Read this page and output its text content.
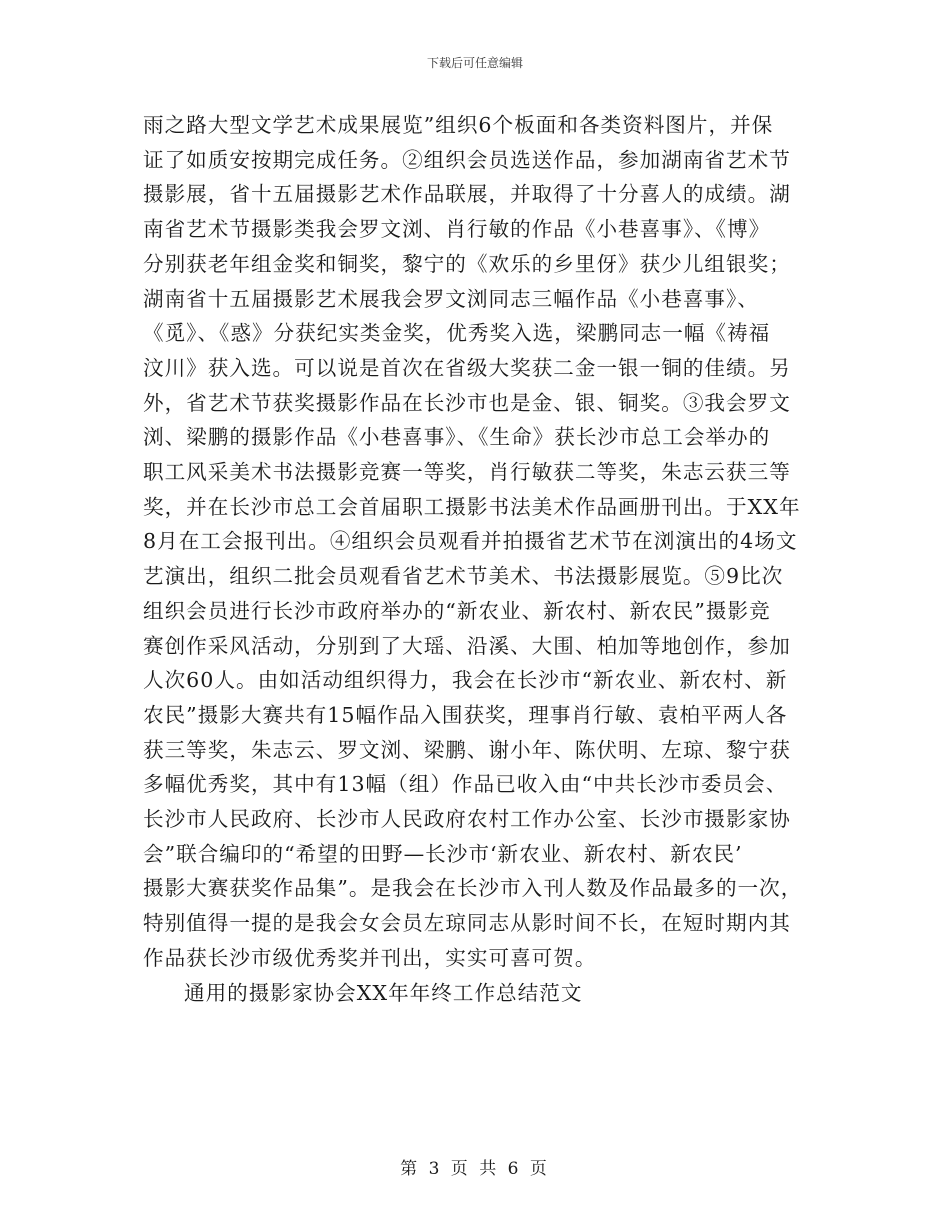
下载后可任意编辑
雨之路大型文学艺术成果展览”组织6个板面和各类资料图片，并保
证了如质安按期完成任务。②组织会员选送作品，参加湖南省艺术节
摄影展，省十五届摄影艺术作品联展，并取得了十分喜人的成绩。湖
南省艺术节摄影类我会罗文浏、肖行敏的作品《小巷喜事》、《博》
分别获老年组金奖和铜奖，黎宁的《欢乐的乡里伢》获少儿组银奖；
湖南省十五届摄影艺术展我会罗文浏同志三幅作品《小巷喜事》、
《觅》、《惑》分获纪实类金奖，优秀奖入选，梁鹏同志一幅《祷福
汶川》获入选。可以说是首次在省级大奖获二金一银一铜的佳绩。另
外，省艺术节获奖摄影作品在长沙市也是金、银、铜奖。③我会罗文
浏、梁鹏的摄影作品《小巷喜事》、《生命》获长沙市总工会举办的
职工风采美术书法摄影竞赛一等奖，肖行敏获二等奖，朱志云获三等
奖，并在长沙市总工会首届职工摄影书法美术作品画册刊出。于XX年
8月在工会报刊出。④组织会员观看并拍摄省艺术节在浏演出的4场文
艺演出，组织二批会员观看省艺术节美术、书法摄影展览。⑤9比次
组织会员进行长沙市政府举办的“新农业、新农村、新农民”摄影竞
赛创作采风活动，分别到了大瑶、沿溪、大围、柏加等地创作，参加
人次60人。由如活动组织得力，我会在长沙市“新农业、新农村、新
农民”摄影大赛共有15幅作品入围获奖，理事肖行敏、袁柏平两人各
获三等奖，朱志云、罗文浏、梁鹏、谢小年、陈伏明、左琼、黎宁获
多幅优秀奖，其中有13幅（组）作品已收入由“中共长沙市委员会、
长沙市人民政府、长沙市人民政府农村工作办公室、长沙市摄影家协
会”联合编印的“希望的田野—长沙市‘新农业、新农村、新农民’
摄影大赛获奖作品集”。是我会在长沙市入刊人数及作品最多的一次，
特别值得一提的是我会女会员左琼同志从影时间不长，在短时期内其
作品获长沙市级优秀奖并刊出，实实可喜可贺。
通用的摄影家协会XX年年终工作总结范文
第 3 页 共 6 页
